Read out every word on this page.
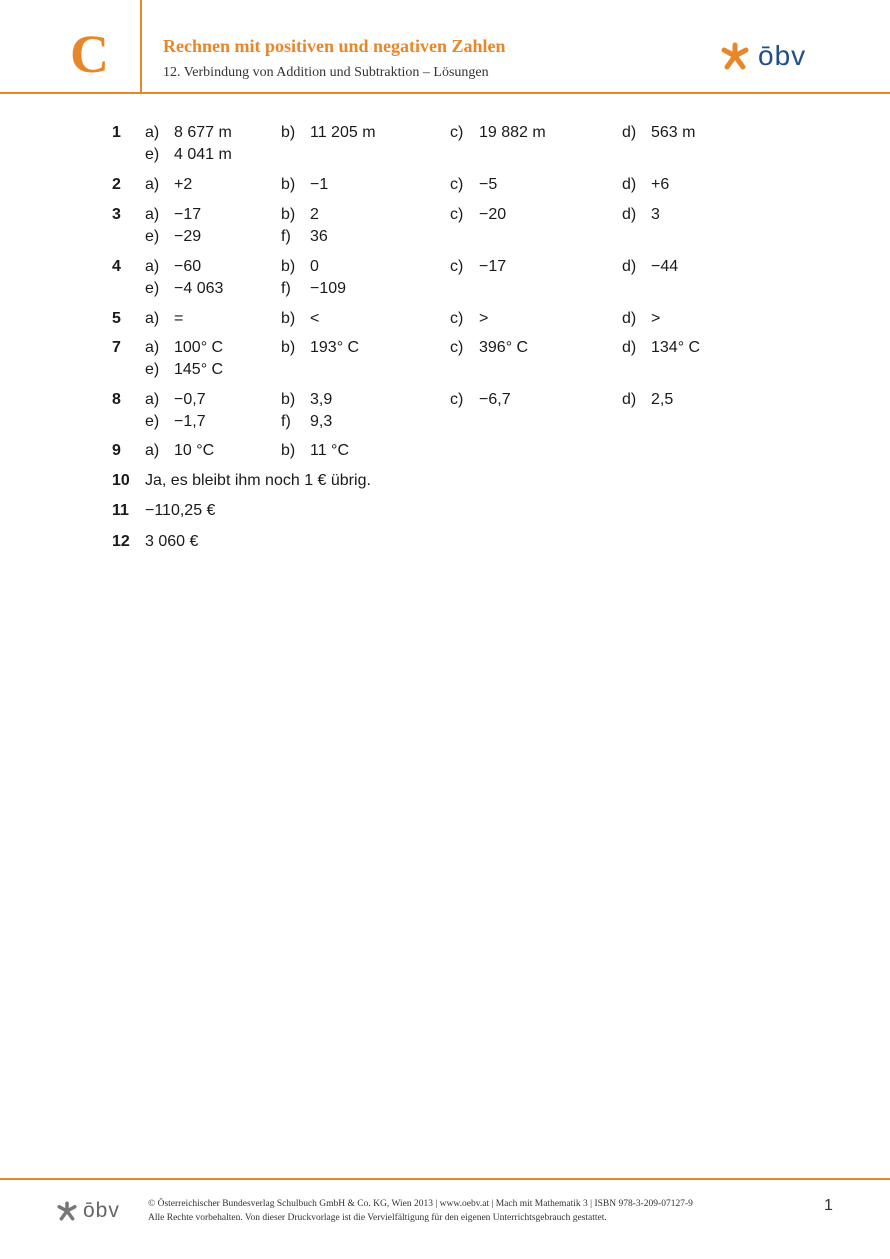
C	Rechnen mit positiven und negativen Zahlen
12. Verbindung von Addition und Subtraktion – Lösungen
ōbv
1 a) 8 677 m	b) 11 205 m	c) 19 882 m	d) 563 m
e) 4 041 m
2 a) +2	b) −1	c) −5	d) +6
3 a) −17	b) 2	c) −20	d) 3
e) −29	f) 36
4 a) −60	b) 0	c) −17	d) −44
e) −4 063	f) −109
5 a) =	b) <	c) >	d) >
7 a) 100° C	b) 193° C	c) 396° C	d) 134° C
e) 145° C
8 a) −0,7	b) 3,9	c) −6,7	d) 2,5
e) −1,7	f) 9,3
9 a) 10 °C	b) 11 °C
10 Ja, es bleibt ihm noch 1 € übrig.
11 −110,25 €
12 3 060 €
ōbv	© Österreichischer Bundesverlag Schulbuch GmbH & Co. KG, Wien 2013 | www.oebv.at | Mach mit Mathematik 3 | ISBN 978-3-209-07127-9
Alle Rechte vorbehalten. Von dieser Druckvorlage ist die Vervielfältigung für den eigenen Unterrichtsgebrauch gestattet.
1
